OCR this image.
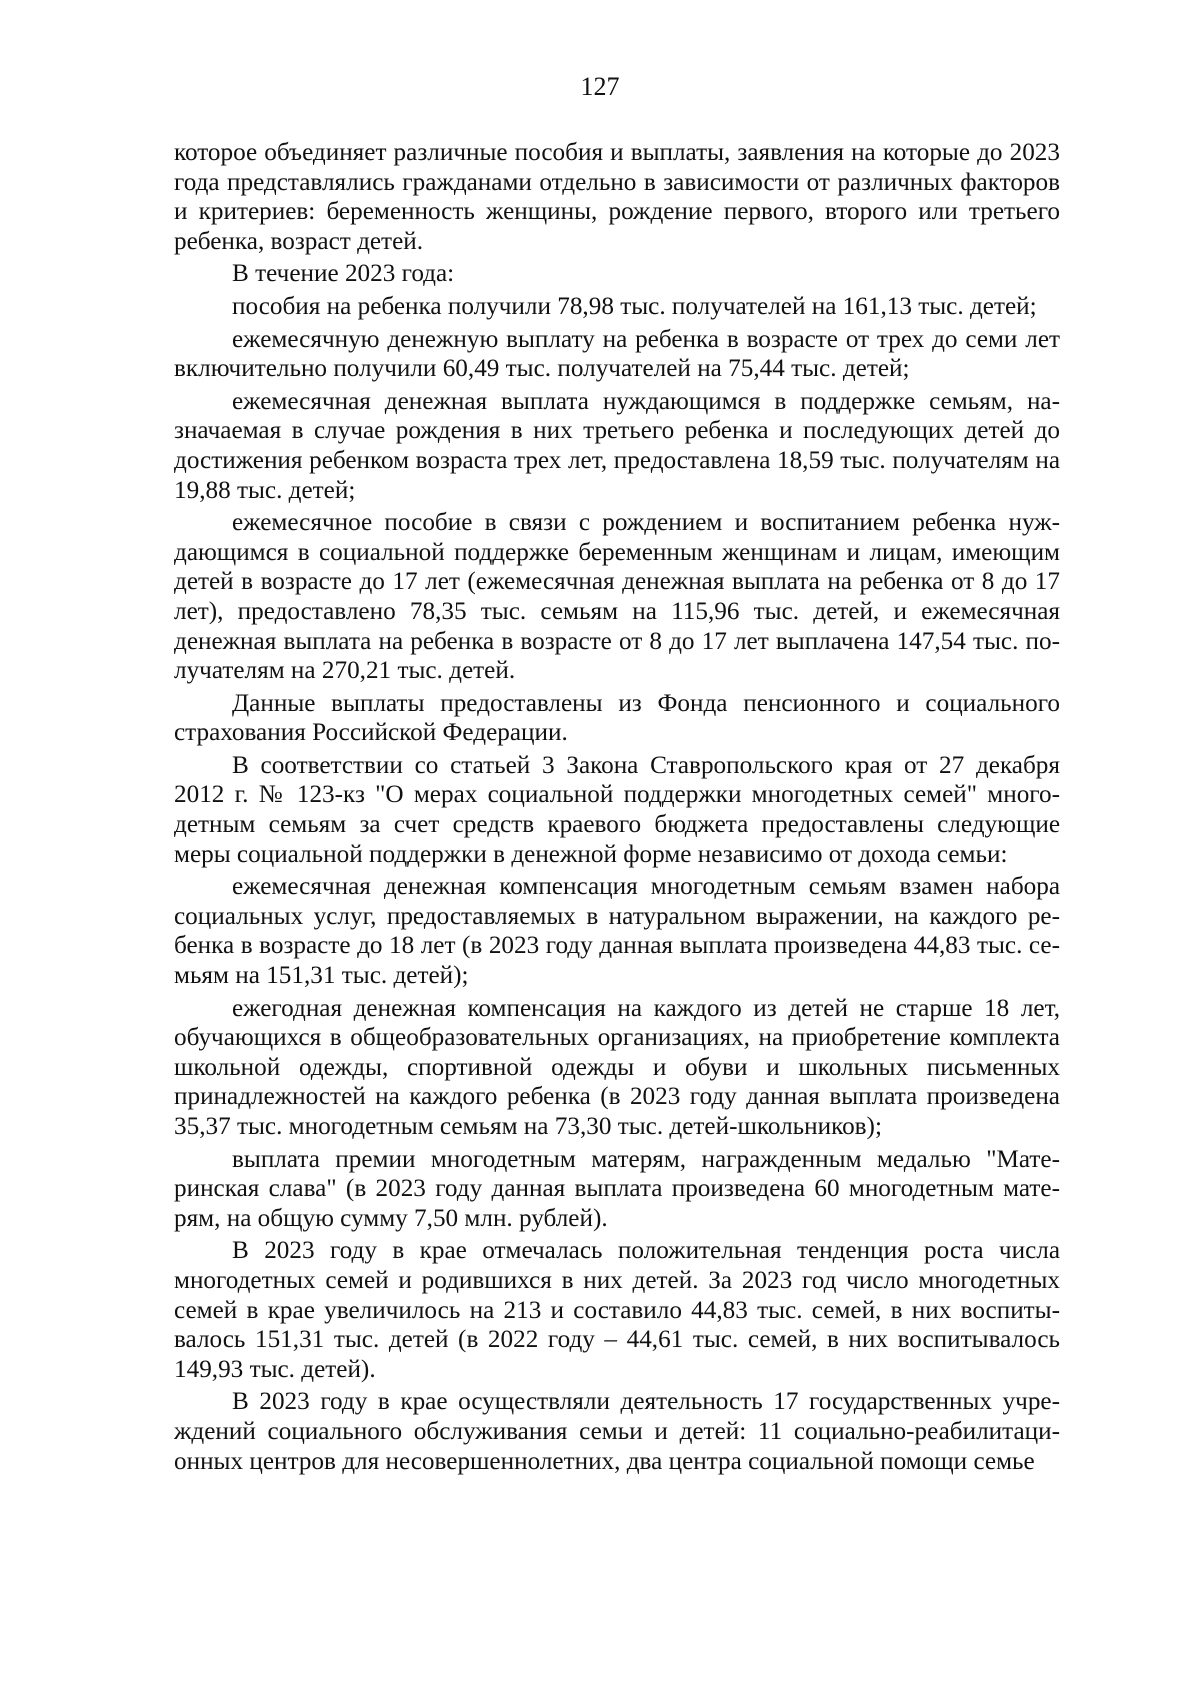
127

которое объединяет различные пособия и выплаты, заявления на которые до 2023 года представлялись гражданами отдельно в зависимости от различных факторов и критериев: беременность женщины, рождение первого, второго или третьего ребенка, возраст детей.

В течение 2023 года:

пособия на ребенка получили 78,98 тыс. получателей на 161,13 тыс. детей;

ежемесячную денежную выплату на ребенка в возрасте от трех до семи лет включительно получили 60,49 тыс. получателей на 75,44 тыс. детей;

ежемесячная денежная выплата нуждающимся в поддержке семьям, назначаемая в случае рождения в них третьего ребенка и последующих детей до достижения ребенком возраста трех лет, предоставлена 18,59 тыс. получателям на 19,88 тыс. детей;

ежемесячное пособие в связи с рождением и воспитанием ребенка нуждающимся в социальной поддержке беременным женщинам и лицам, имеющим детей в возрасте до 17 лет (ежемесячная денежная выплата на ребенка от 8 до 17 лет), предоставлено 78,35 тыс. семьям на 115,96 тыс. детей, и ежемесячная денежная выплата на ребенка в возрасте от 8 до 17 лет выплачена 147,54 тыс. получателям на 270,21 тыс. детей.

Данные выплаты предоставлены из Фонда пенсионного и социального страхования Российской Федерации.

В соответствии со статьей 3 Закона Ставропольского края от 27 декабря 2012 г. № 123-кз "О мерах социальной поддержки многодетных семей" многодетным семьям за счет средств краевого бюджета предоставлены следующие меры социальной поддержки в денежной форме независимо от дохода семьи:

ежемесячная денежная компенсация многодетным семьям взамен набора социальных услуг, предоставляемых в натуральном выражении, на каждого ребенка в возрасте до 18 лет (в 2023 году данная выплата произведена 44,83 тыс. семьям на 151,31 тыс. детей);

ежегодная денежная компенсация на каждого из детей не старше 18 лет, обучающихся в общеобразовательных организациях, на приобретение комплекта школьной одежды, спортивной одежды и обуви и школьных письменных принадлежностей на каждого ребенка (в 2023 году данная выплата произведена 35,37 тыс. многодетным семьям на 73,30 тыс. детей-школьников);

выплата премии многодетным матерям, награжденным медалью "Материнская слава" (в 2023 году данная выплата произведена 60 многодетным матерям, на общую сумму 7,50 млн. рублей).

В 2023 году в крае отмечалась положительная тенденция роста числа многодетных семей и родившихся в них детей. За 2023 год число многодетных семей в крае увеличилось на 213 и составило 44,83 тыс. семей, в них воспитывалось 151,31 тыс. детей (в 2022 году – 44,61 тыс. семей, в них воспитывалось 149,93 тыс. детей).

В 2023 году в крае осуществляли деятельность 17 государственных учреждений социального обслуживания семьи и детей: 11 социально-реабилитационных центров для несовершеннолетних, два центра социальной помощи семье
